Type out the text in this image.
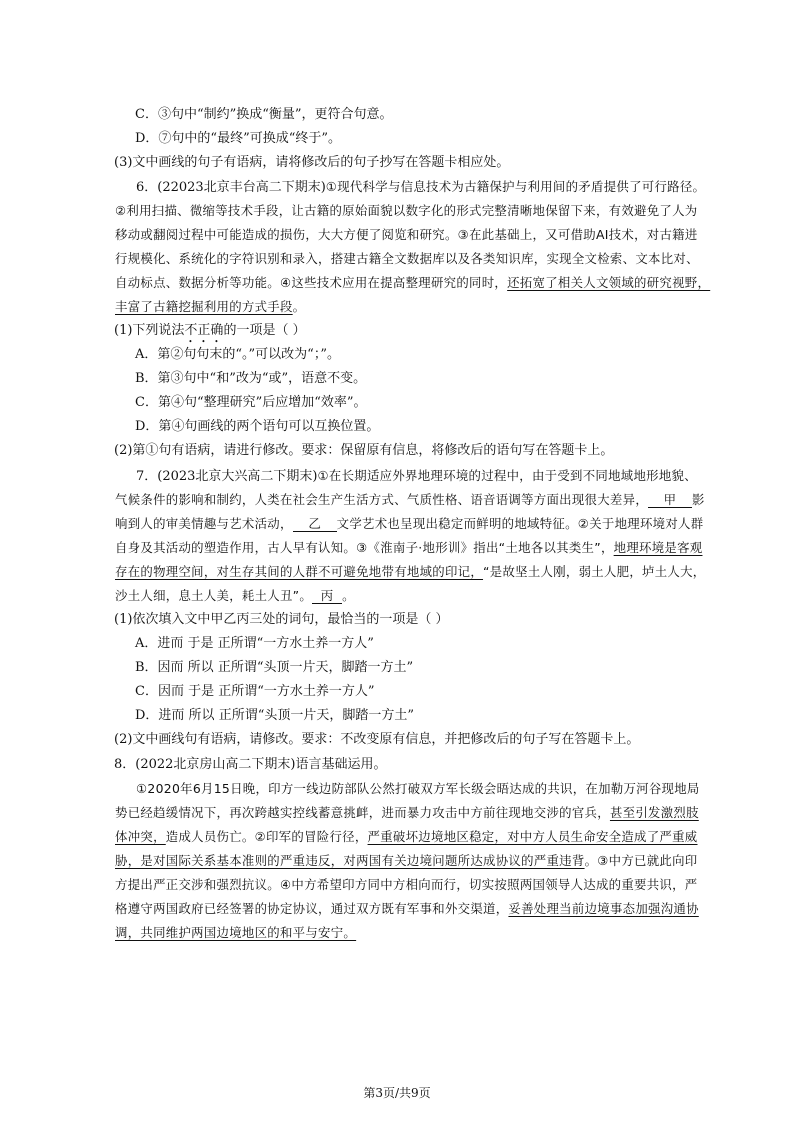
C．③句中“制约”换成“衡量”，更符合句意。
D．⑦句中的“最终”可换成“终于”。
(3)文中画线的句子有语病，请将修改后的句子抄写在答题卡相应处。
6．(22023北京丰台高二下期末)①现代科学与信息技术为古籍保护与利用间的矛盾提供了可行路径。
②利用扫描、微缩等技术手段，让古籍的原始面貌以数字化的形式完整清晰地保留下来，有效避免了人为
移动或翻阅过程中可能造成的损伤，大大方便了阅览和研究。③在此基础上，又可借助AI技术，对古籍进
行规模化、系统化的字符识别和录入，搭建古籍全文数据库以及各类知识库，实现全文检索、文本比对、
自动标点、数据分析等功能。④这些技术应用在提高整理研究的同时，还拓宽了相关人文领域的研究视野，
丰富了古籍挖掘利用的方式手段。
(1)下列说法不正确的一项是（ ）
A．第②句句末的“。”可以改为“；”。
B．第③句中“和”改为“或”，语意不变。
C．第④句“整理研究”后应增加“效率”。
D．第④句画线的两个语句可以互换位置。
(2)第①句有语病，请进行修改。要求：保留原有信息，将修改后的语句写在答题卡上。
7．(2023北京大兴高二下期末)①在长期适应外界地理环境的过程中，由于受到不同地域地形地貌、
气候条件的影响和制约，人类在社会生产生活方式、气质性格、语音语调等方面出现很大差异， 甲 影
响到人的审美情趣与艺术活动， 乙 文学艺术也呈现出稳定而鲜明的地域特征。②关于地理环境对人群
自身及其活动的塑造作用，古人早有认知。③《淮南子·地形训》指出“土地各以其类生”，地理环境是客观
存在的物理空间，对生存其间的人群不可避免地带有地域的印记，“是故坚土人刚，弱土人肥，垆土人大，
沙土人细，息土人美，耗土人丑”。 丙 。
(1)依次填入文中甲乙丙三处的词句，最恰当的一项是（ ）
A．进而 于是 正所谓“一方水土养一方人”
B．因而 所以 正所谓“头顶一片天，脚踏一方土”
C．因而 于是 正所谓“一方水土养一方人”
D．进而 所以 正所谓“头顶一片天，脚踏一方土”
(2)文中画线句有语病，请修改。要求：不改变原有信息，并把修改后的句子写在答题卡上。
8．(2022北京房山高二下期末)语言基础运用。
①2020年6月15日晚，印方一线边防部队公然打破双方军长级会晤达成的共识，在加勒万河谷现地局
势已经趋缓情况下，再次跨越实控线蓄意挑衅，进而暴力攻击中方前往现地交涉的官兵，甚至引发激烈肢
体冲突，造成人员伤亡。②印军的冒险行径，严重破坏边境地区稳定，对中方人员生命安全造成了严重威
胁，是对国际关系基本准则的严重违反，对两国有关边境问题所达成协议的严重违背。③中方已就此向印
方提出严正交涉和强烈抗议。④中方希望印方同中方相向而行，切实按照两国领导人达成的重要共识，严
格遵守两国政府已经签署的协定协议，通过双方既有军事和外交渠道，妥善处理当前边境事态加强沟通协
调，共同维护两国边境地区的和平与安宁。
第3页/共9页
